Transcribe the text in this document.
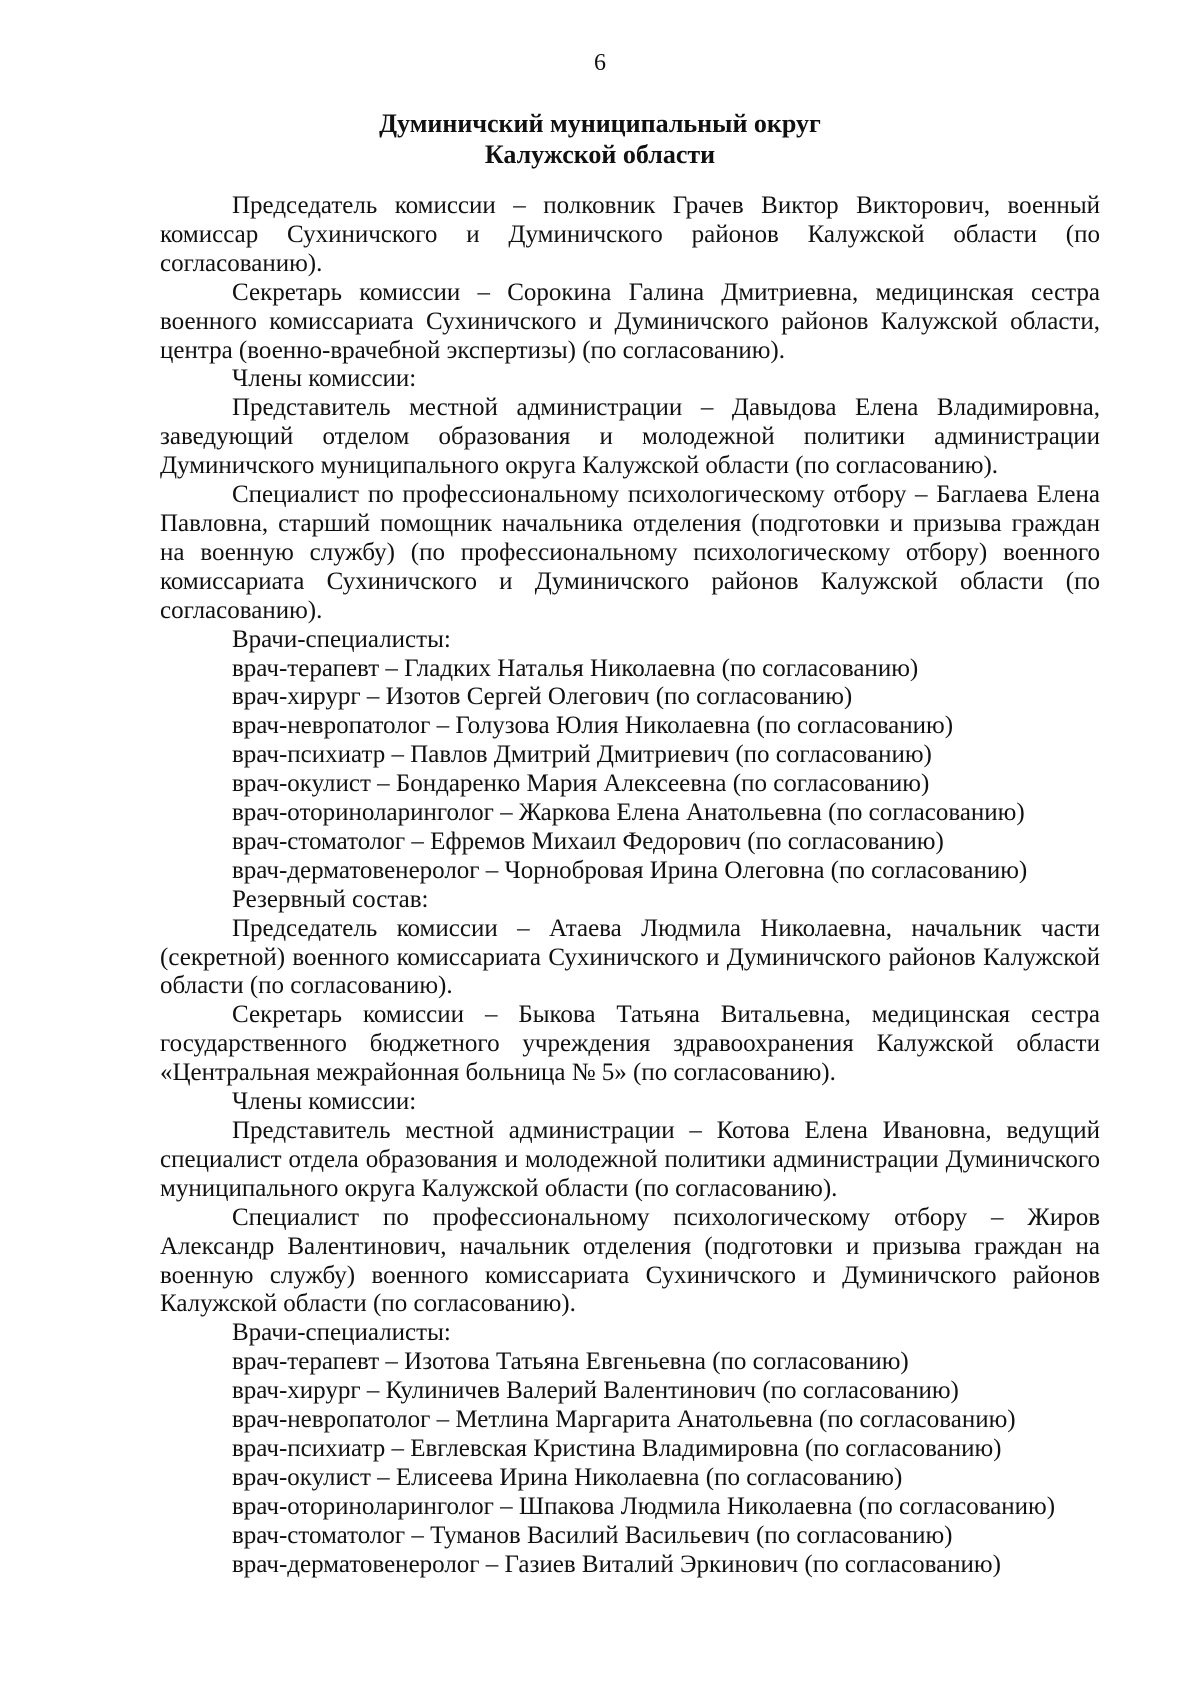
6
Думиничский муниципальный округ
Калужской области

Председатель комиссии – полковник Грачев Виктор Викторович, военный комиссар Сухиничского и Думиничского районов Калужской области (по согласованию).

Секретарь комиссии – Сорокина Галина Дмитриевна, медицинская сестра военного комиссариата Сухиничского и Думиничского районов Калужской области, центра (военно-врачебной экспертизы) (по согласованию).

Члены комиссии:

Представитель местной администрации – Давыдова Елена Владимировна, заведующий отделом образования и молодежной политики администрации Думиничского муниципального округа Калужской области (по согласованию).

Специалист по профессиональному психологическому отбору – Баглаева Елена Павловна, старший помощник начальника отделения (подготовки и призыва граждан на военную службу) (по профессиональному психологическому отбору) военного комиссариата Сухиничского и Думиничского районов Калужской области (по согласованию).

Врачи-специалисты:

врач-терапевт – Гладких Наталья Николаевна (по согласованию)

врач-хирург – Изотов Сергей Олегович (по согласованию)

врач-невропатолог – Голузова Юлия Николаевна (по согласованию)

врач-психиатр – Павлов Дмитрий Дмитриевич (по согласованию)

врач-окулист – Бондаренко Мария Алексеевна (по согласованию)

врач-оториноларинголог – Жаркова Елена Анатольевна (по согласованию)

врач-стоматолог – Ефремов Михаил Федорович (по согласованию)

врач-дерматовенеролог – Чорнобровая Ирина Олеговна (по согласованию)

Резервный состав:

Председатель комиссии – Атаева Людмила Николаевна, начальник части (секретной) военного комиссариата Сухиничского и Думиничского районов Калужской области (по согласованию).

Секретарь комиссии – Быкова Татьяна Витальевна, медицинская сестра государственного бюджетного учреждения здравоохранения Калужской области «Центральная межрайонная больница № 5» (по согласованию).

Члены комиссии:

Представитель местной администрации – Котова Елена Ивановна, ведущий специалист отдела образования и молодежной политики администрации Думиничского муниципального округа Калужской области (по согласованию).

Специалист по профессиональному психологическому отбору – Жиров Александр Валентинович, начальник отделения (подготовки и призыва граждан на военную службу) военного комиссариата Сухиничского и Думиничского районов Калужской области (по согласованию).

Врачи-специалисты:

врач-терапевт – Изотова Татьяна Евгеньевна (по согласованию)

врач-хирург – Кулиничев Валерий Валентинович (по согласованию)

врач-невропатолог – Метлина Маргарита Анатольевна (по согласованию)

врач-психиатр – Евглевская Кристина Владимировна (по согласованию)

врач-окулист – Елисеева Ирина Николаевна (по согласованию)

врач-оториноларинголог – Шпакова Людмила Николаевна (по согласованию)

врач-стоматолог – Туманов Василий Васильевич (по согласованию)

врач-дерматовенеролог – Газиев Виталий Эркинович (по согласованию)
